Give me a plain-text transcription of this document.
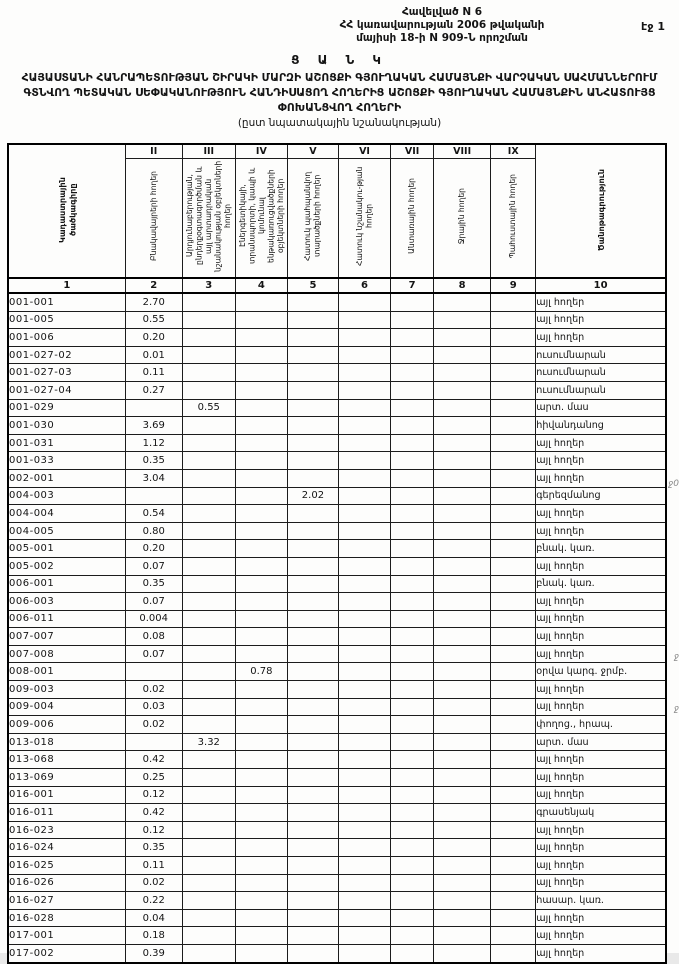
Հավելված N 6
ՀՀ կառավարության 2006 թվականի
մայիսի 18-ի N 909-Ն որոշման
էջ 1
Ց Ա Ն Կ
ՀԱՅԱՍՏԱՆԻ ՀԱՆՐԱՊԵՏՈՒԹՅԱՆ ՇԻՐԱԿԻ ՄԱՐԶԻ ԱՇՈՑՔԻ ԳՅՈՒՂԱԿԱՆ ՀԱՄԱՅՆՔԻ ՎԱՐՉԱԿԱՆ ՍԱՀՄԱՆՆԵՐՈՒՄ ԳՏՆՎՈՂ ՊԵՏԱԿԱՆ ՍԵՓԱԿԱՆՈՒԹՅՈՒՆ ՀԱՆԴԻՍԱՑՈՂ ՀՈՂԵՐԻՑ ԱՇՈՑՔԻ ԳՅՈՒՂԱԿԱՆ ՀԱՄԱՅՆՔԻՆ ԱՆՀԱՏՈՒՅՑ ՓՈԽԱՆՑՎՈՂ ՀՈՂԵՐԻ
(ըստ նպատակային նշանակության)
Կադաստրային ծածկագիրը	II	III	IV	V	VI	VII	VIII	IX	Ծանոթագրություն
	Բնակավայրերի հողեր	Արդյունաբերության, ընդերքօգտագործման և այլ արտադրական նշանակության օբյեկտների հողեր	Էներգետիկայի, տրանսպորտի, կապի և կոմունալ ենթակառուցվածքների օբյեկտների հողեր	Հատուկ պահպանվող տարածքների հողեր	Հատուկ նշանակու-թյան հողեր	Անտառային հողեր	Ջրային հողեր	Պահուստային հողեր	
1	2	3	4	5	6	7	8	9	10
001-001	2.70								այլ հողեր
001-005	0.55								այլ հողեր
001-006	0.20								այլ հողեր
001-027-02	0.01								ուսումնարան
001-027-03	0.11								ուսումնարան
001-027-04	0.27								ուսումնարան
001-029		0.55							արտ. մաս
001-030	3.69								հիվանդանոց
001-031	1.12								այլ հողեր
001-033	0.35								այլ հողեր
002-001	3.04								այլ հողեր
004-003				2.02					գերեզմանոց
004-004	0.54								այլ հողեր
004-005	0.80								այլ հողեր
005-001	0.20								բնակ. կառ.
005-002	0.07								այլ հողեր
006-001	0.35								բնակ. կառ.
006-003	0.07								այլ հողեր
006-011	0.004								այլ հողեր
007-007	0.08								այլ հողեր
007-008	0.07								այլ հողեր
008-001			0.78						օրվա կարգ. ջրմբ.
009-003	0.02								այլ հողեր
009-004	0.03								այլ հողեր
009-006	0.02								փողոց., հրապ.
013-018		3.32							արտ. մաս
013-068	0.42								այլ հողեր
013-069	0.25								այլ հողեր
016-001	0.12								այլ հողեր
016-011	0.42								գրասենյակ
016-023	0.12								այլ հողեր
016-024	0.35								այլ հողեր
016-025	0.11								այլ հողեր
016-026	0.02								այլ հողեր
016-027	0.22								հասար. կառ.
016-028	0.04								այլ հողեր
017-001	0.18								այլ հողեր
017-002	0.39								այլ հողեր
ջ0
ջ
ջ
